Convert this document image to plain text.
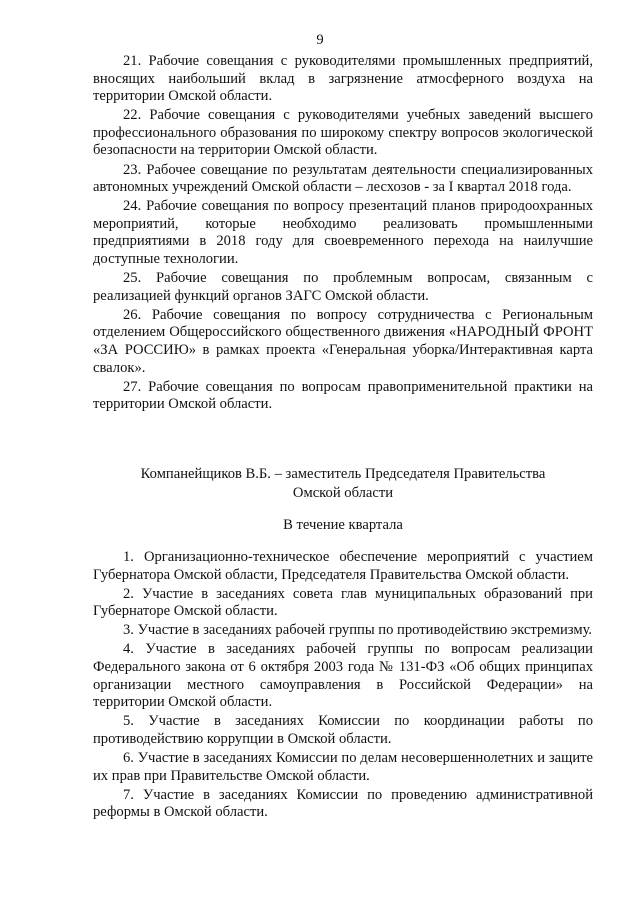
9

21. Рабочие совещания с руководителями промышленных предприятий, вносящих наибольший вклад в загрязнение атмосферного воздуха на территории Омской области.

22. Рабочие совещания с руководителями учебных заведений высшего профессионального образования по широкому спектру вопросов экологической безопасности на территории Омской области.

23. Рабочее совещание по результатам деятельности специализированных автономных учреждений Омской области – лесхозов - за I квартал 2018 года.

24. Рабочие совещания по вопросу презентаций планов природоохранных мероприятий, которые необходимо реализовать промышленными предприятиями в 2018 году для своевременного перехода на наилучшие доступные технологии.

25. Рабочие совещания по проблемным вопросам, связанным с реализацией функций органов ЗАГС Омской области.

26. Рабочие совещания по вопросу сотрудничества с Региональным отделением Общероссийского общественного движения «НАРОДНЫЙ ФРОНТ «ЗА РОССИЮ» в рамках проекта «Генеральная уборка/Интерактивная карта свалок».

27. Рабочие совещания по вопросам правоприменительной практики на территории Омской области.

Компанейщиков В.Б. – заместитель Председателя Правительства
Омской области
В течение квартала

1. Организационно-техническое обеспечение мероприятий с участием Губернатора Омской области, Председателя Правительства Омской области.

2. Участие в заседаниях совета глав муниципальных образований при Губернаторе Омской области.

3. Участие в заседаниях рабочей группы по противодействию экстремизму.

4. Участие в заседаниях рабочей группы по вопросам реализации Федерального закона от 6 октября 2003 года № 131-ФЗ «Об общих принципах организации местного самоуправления в Российской Федерации» на территории Омской области.

5. Участие в заседаниях Комиссии по координации работы по противодействию коррупции в Омской области.

6. Участие в заседаниях Комиссии по делам несовершеннолетних и защите их прав при Правительстве Омской области.

7. Участие в заседаниях Комиссии по проведению административной реформы в Омской области.
